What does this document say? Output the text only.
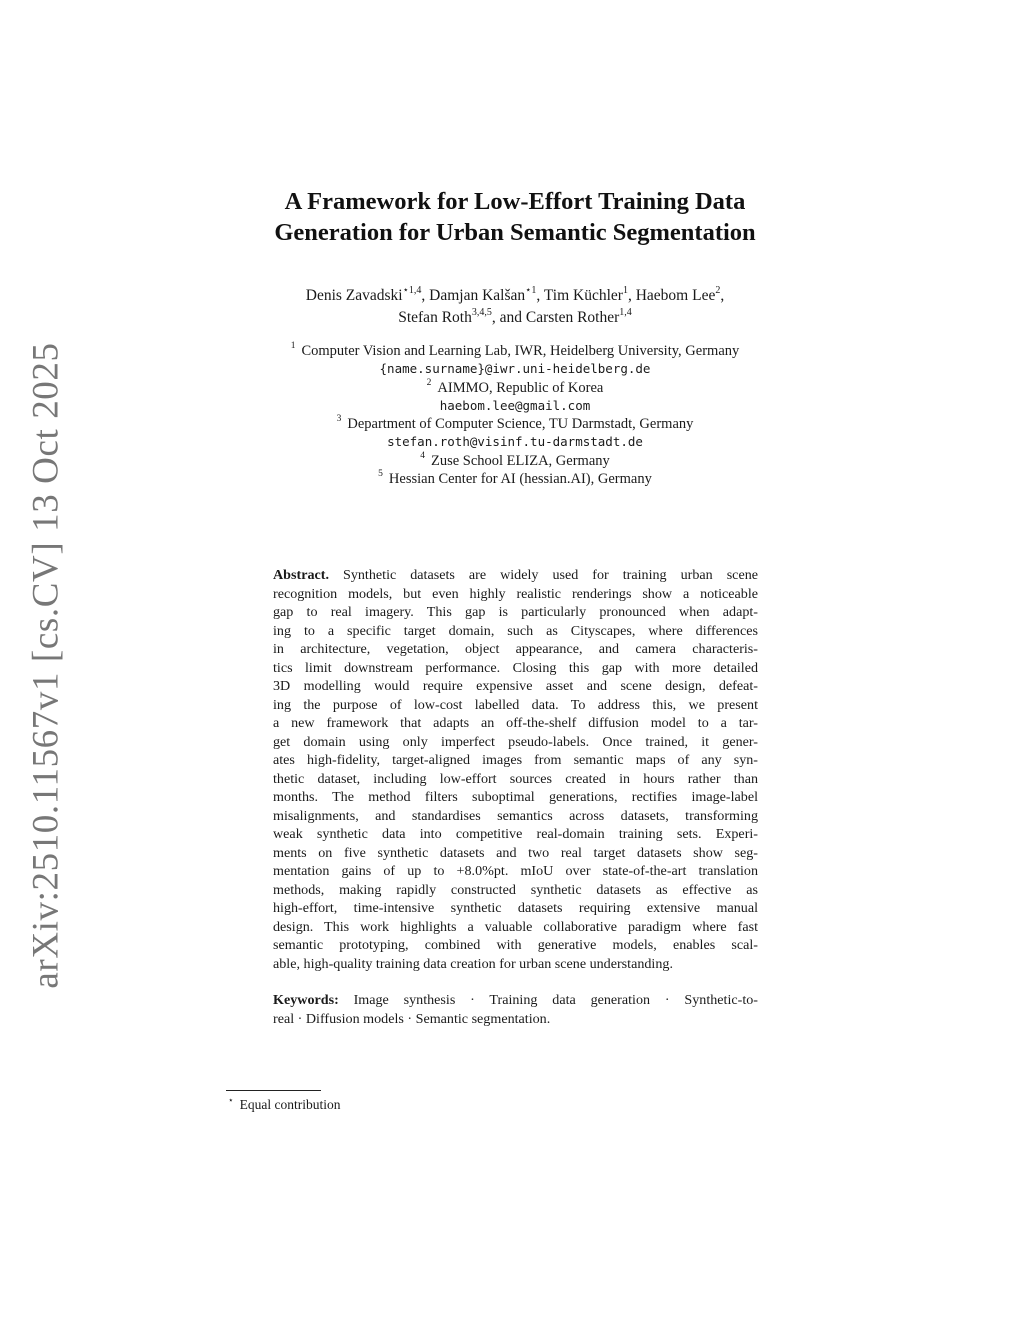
arXiv:2510.11567v1 [cs.CV] 13 Oct 2025
A Framework for Low-Effort Training Data
Generation for Urban Semantic Segmentation
Denis Zavadski$^{⋆1,4}$, Damjan Kalšan$^{⋆1}$, Tim Küchler$^1$, Haebom Lee$^2$,
Stefan Roth$^{3,4,5}$, and Carsten Rother$^{1,4}$
$^1$ Computer Vision and Learning Lab, IWR, Heidelberg University, Germany
{name.surname}@iwr.uni-heidelberg.de
$^2$ AIMMO, Republic of Korea
haebom.lee@gmail.com
$^3$ Department of Computer Science, TU Darmstadt, Germany
stefan.roth@visinf.tu-darmstadt.de
$^4$ Zuse School ELIZA, Germany
$^5$ Hessian Center for AI (hessian.AI), Germany
Abstract. Synthetic datasets are widely used for training urban scene
recognition models, but even highly realistic renderings show a noticeable
gap to real imagery. This gap is particularly pronounced when adapt-
ing to a specific target domain, such as Cityscapes, where differences
in architecture, vegetation, object appearance, and camera characteris-
tics limit downstream performance. Closing this gap with more detailed
3D modelling would require expensive asset and scene design, defeat-
ing the purpose of low-cost labelled data. To address this, we present
a new framework that adapts an off-the-shelf diffusion model to a tar-
get domain using only imperfect pseudo-labels. Once trained, it gener-
ates high-fidelity, target-aligned images from semantic maps of any syn-
thetic dataset, including low-effort sources created in hours rather than
months. The method filters suboptimal generations, rectifies image-label
misalignments, and standardises semantics across datasets, transforming
weak synthetic data into competitive real-domain training sets. Experi-
ments on five synthetic datasets and two real target datasets show seg-
mentation gains of up to +8.0%pt. mIoU over state-of-the-art translation
methods, making rapidly constructed synthetic datasets as effective as
high-effort, time-intensive synthetic datasets requiring extensive manual
design. This work highlights a valuable collaborative paradigm where fast
semantic prototyping, combined with generative models, enables scal-
able, high-quality training data creation for urban scene understanding.
Keywords: Image synthesis · Training data generation · Synthetic-to-
real · Diffusion models · Semantic segmentation.
⋆ Equal contribution
